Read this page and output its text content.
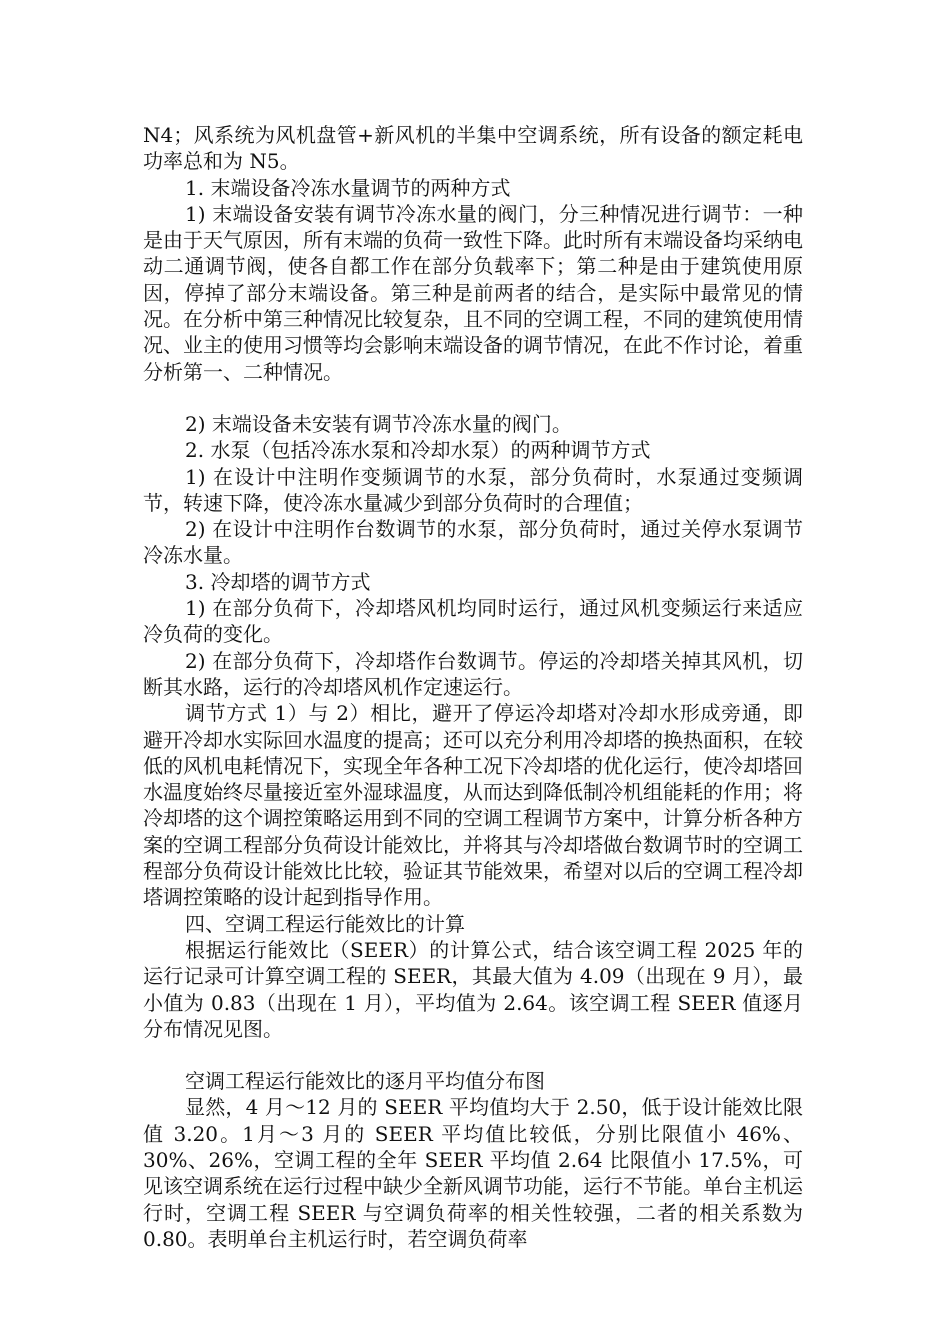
N4；风系统为风机盘管+新风机的半集中空调系统，所有设备的额定耗电功率总和为 N5。

1. 末端设备冷冻水量调节的两种方式

1) 末端设备安装有调节冷冻水量的阀门，分三种情况进行调节：一种是由于天气原因，所有末端的负荷一致性下降。此时所有末端设备均采纳电动二通调节阀，使各自都工作在部分负载率下；第二种是由于建筑使用原因，停掉了部分末端设备。第三种是前两者的结合，是实际中最常见的情况。在分析中第三种情况比较复杂，且不同的空调工程，不同的建筑使用情况、业主的使用习惯等均会影响末端设备的调节情况，在此不作讨论，着重分析第一、二种情况。

2) 末端设备未安装有调节冷冻水量的阀门。

2. 水泵（包括冷冻水泵和冷却水泵）的两种调节方式

1) 在设计中注明作变频调节的水泵，部分负荷时，水泵通过变频调节，转速下降，使冷冻水量减少到部分负荷时的合理值；

2) 在设计中注明作台数调节的水泵，部分负荷时，通过关停水泵调节冷冻水量。

3. 冷却塔的调节方式

1) 在部分负荷下，冷却塔风机均同时运行，通过风机变频运行来适应冷负荷的变化。

2) 在部分负荷下，冷却塔作台数调节。停运的冷却塔关掉其风机，切断其水路，运行的冷却塔风机作定速运行。

调节方式 1）与 2）相比，避开了停运冷却塔对冷却水形成旁通，即避开冷却水实际回水温度的提高；还可以充分利用冷却塔的换热面积，在较低的风机电耗情况下，实现全年各种工况下冷却塔的优化运行，使冷却塔回水温度始终尽量接近室外湿球温度，从而达到降低制冷机组能耗的作用；将冷却塔的这个调控策略运用到不同的空调工程调节方案中，计算分析各种方案的空调工程部分负荷设计能效比，并将其与冷却塔做台数调节时的空调工程部分负荷设计能效比比较，验证其节能效果，希望对以后的空调工程冷却塔调控策略的设计起到指导作用。

四、空调工程运行能效比的计算

根据运行能效比（SEER）的计算公式，结合该空调工程 2025 年的运行记录可计算空调工程的 SEER，其最大值为 4.09（出现在 9 月），最小值为 0.83（出现在 1 月），平均值为 2.64。该空调工程 SEER 值逐月分布情况见图。

空调工程运行能效比的逐月平均值分布图

显然，4 月～12 月的 SEER 平均值均大于 2.50，低于设计能效比限值 3.20。1月～3 月的 SEER 平均值比较低，分别比限值小 46%、30%、26%，空调工程的全年 SEER 平均值 2.64 比限值小 17.5%，可见该空调系统在运行过程中缺少全新风调节功能，运行不节能。单台主机运行时，空调工程 SEER 与空调负荷率的相关性较强，二者的相关系数为 0.80。表明单台主机运行时，若空调负荷率
